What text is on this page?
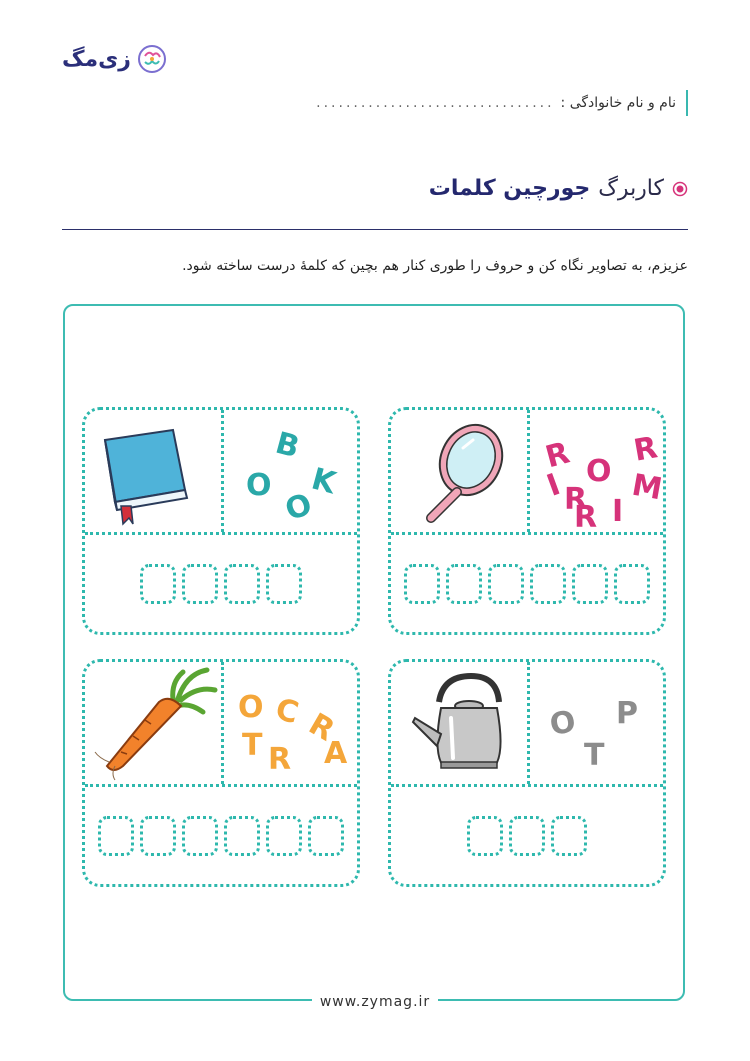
زی‌مگ
نام و نام خانوادگی :
................................
کاربرگ
جورچین کلمات
عزیزم، به تصاویر نگاه کن و حروف را طوری کنار هم بچین که کلمهٔ درست ساخته شود.
R O
R
I M
R I
R
B
O
O
K
O P
T
O C R
T R A
www.zymag.ir
